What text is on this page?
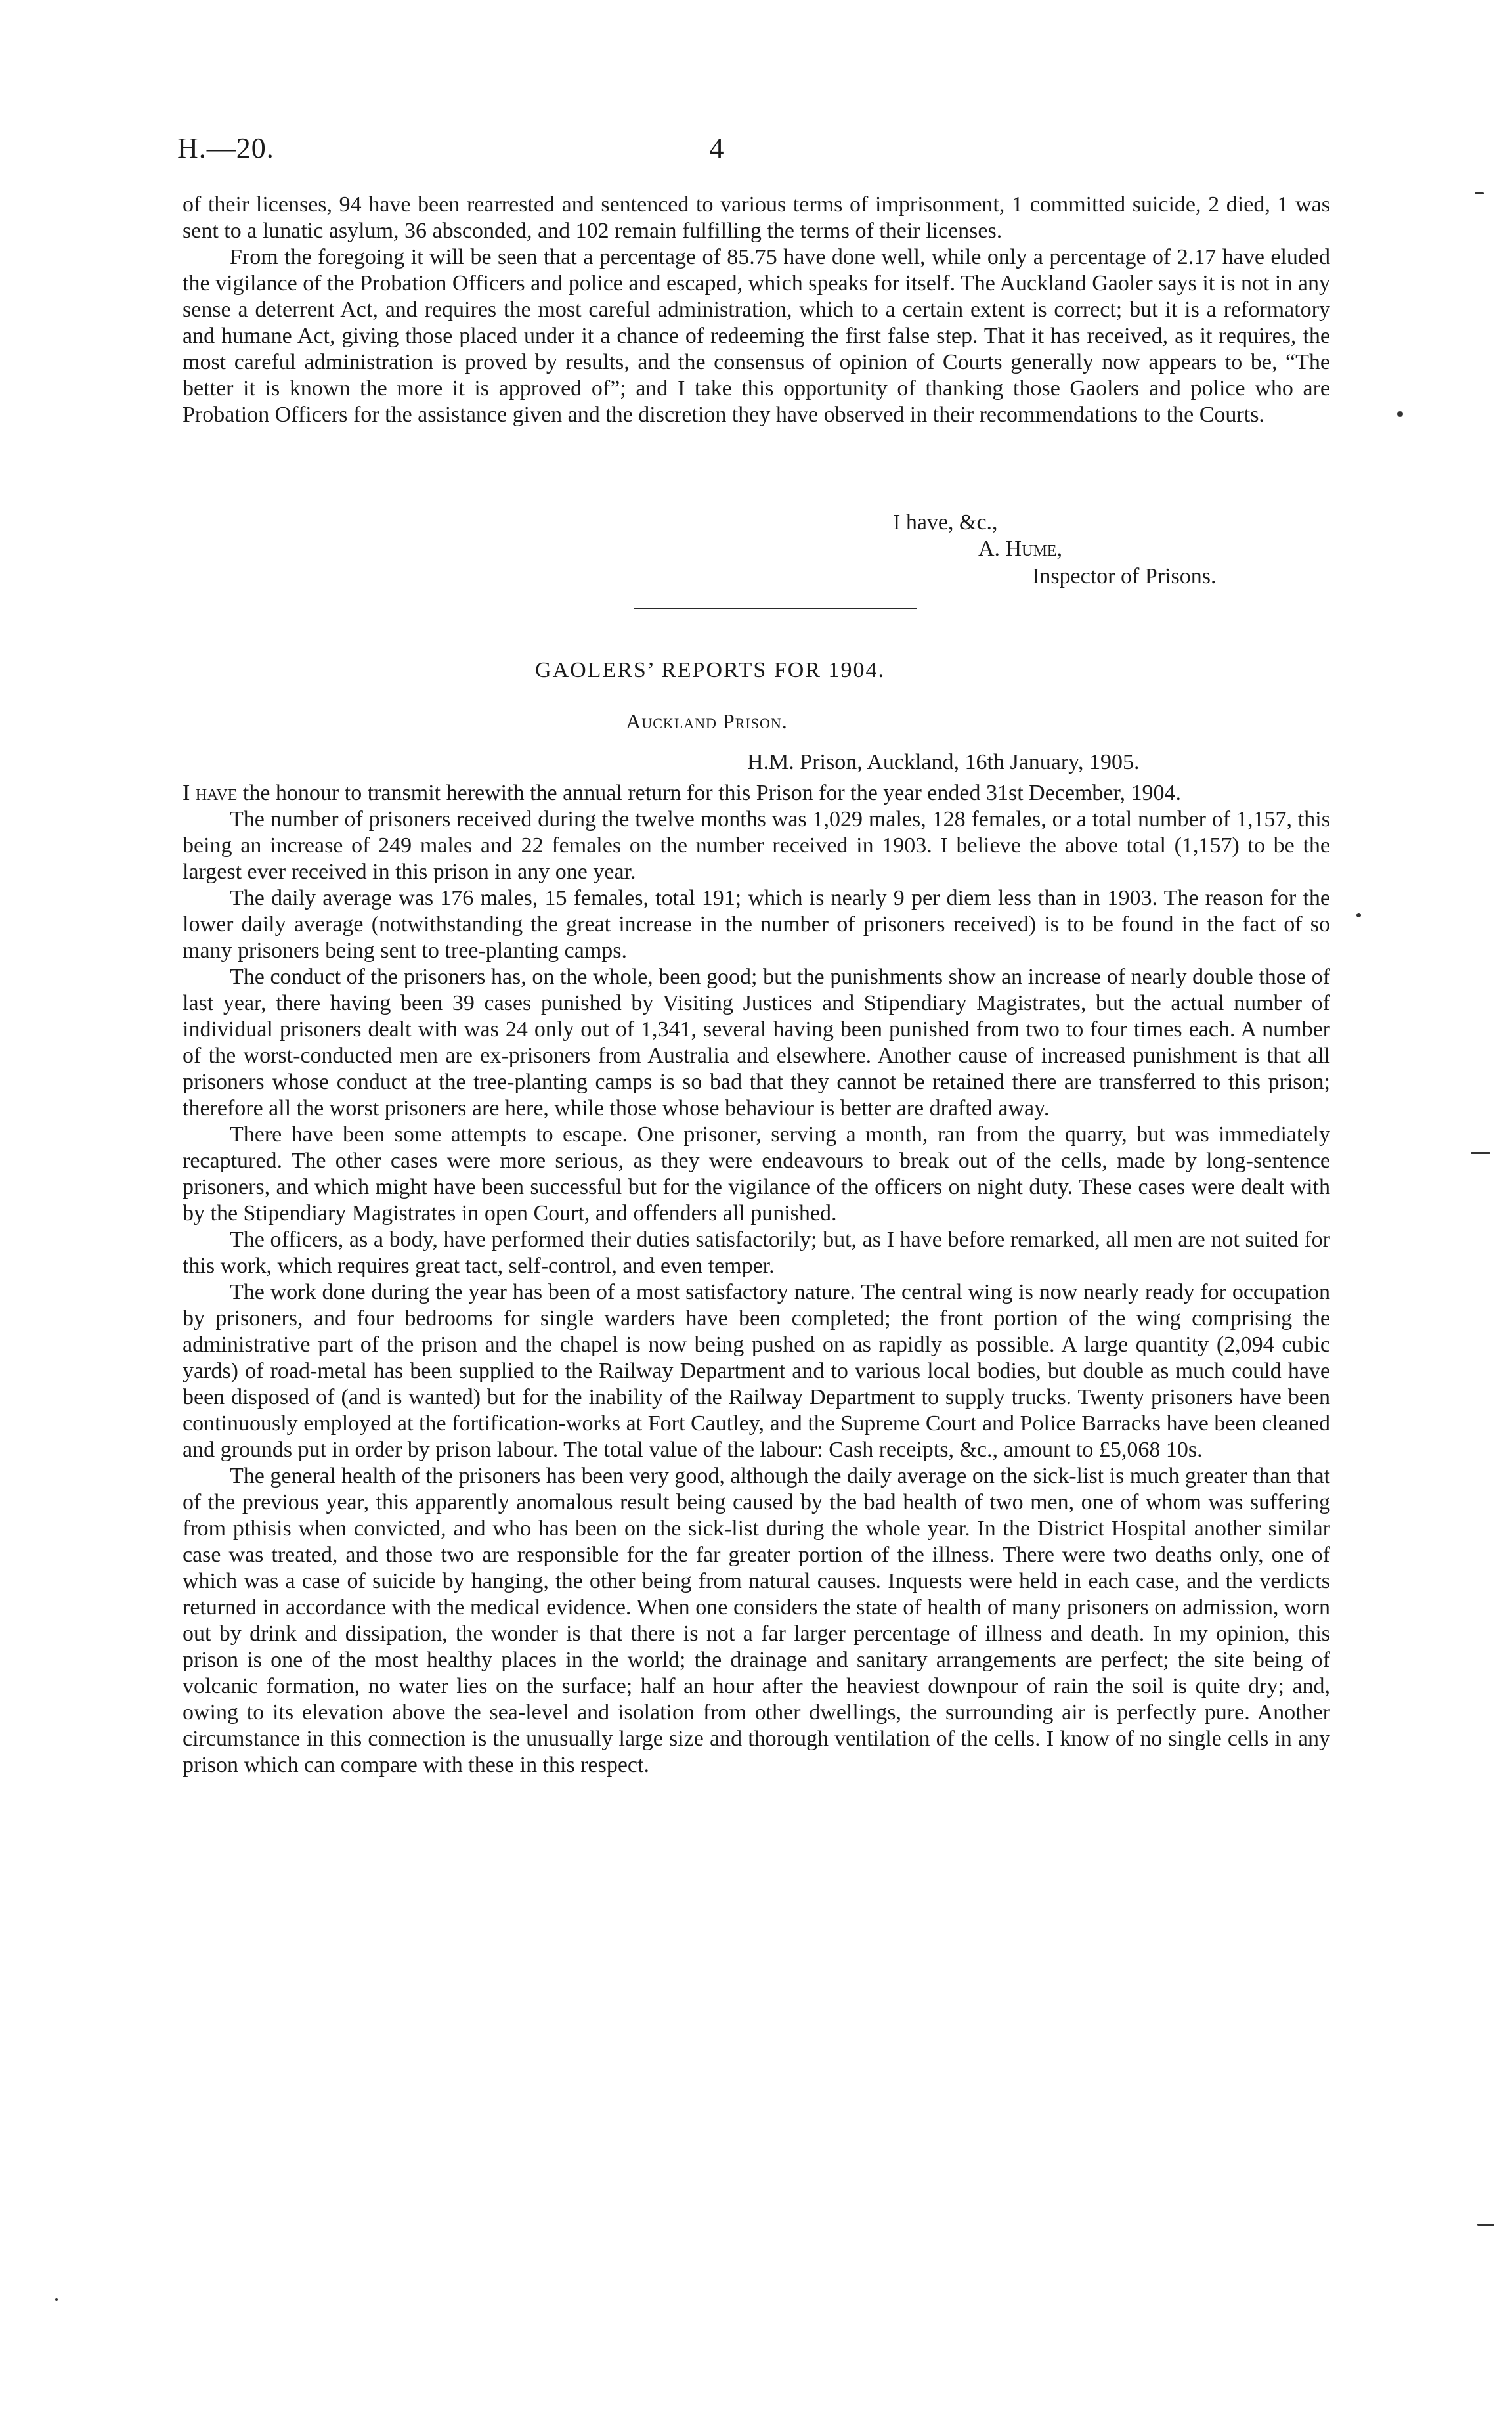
H.—20.	4

of their licenses, 94 have been rearrested and sentenced to various terms of imprisonment, 1 committed suicide, 2 died, 1 was sent to a lunatic asylum, 36 absconded, and 102 remain fulfilling the terms of their licenses.

From the foregoing it will be seen that a percentage of 85.75 have done well, while only a percentage of 2.17 have eluded the vigilance of the Probation Officers and police and escaped, which speaks for itself. The Auckland Gaoler says it is not in any sense a deterrent Act, and requires the most careful administration, which to a certain extent is correct; but it is a reformatory and humane Act, giving those placed under it a chance of redeeming the first false step. That it has received, as it requires, the most careful administration is proved by results, and the consensus of opinion of Courts generally now appears to be, “The better it is known the more it is approved of”; and I take this opportunity of thanking those Gaolers and police who are Probation Officers for the assistance given and the discretion they have observed in their recommendations to the Courts.

I have, &c.,
A. Hume,
Inspector of Prisons.
GAOLERS’ REPORTS FOR 1904.
Auckland Prison.
H.M. Prison, Auckland, 16th January, 1905.

I have the honour to transmit herewith the annual return for this Prison for the year ended 31st December, 1904.

The number of prisoners received during the twelve months was 1,029 males, 128 females, or a total number of 1,157, this being an increase of 249 males and 22 females on the number received in 1903. I believe the above total (1,157) to be the largest ever received in this prison in any one year.

The daily average was 176 males, 15 females, total 191; which is nearly 9 per diem less than in 1903. The reason for the lower daily average (notwithstanding the great increase in the number of prisoners received) is to be found in the fact of so many prisoners being sent to tree-planting camps.

The conduct of the prisoners has, on the whole, been good; but the punishments show an increase of nearly double those of last year, there having been 39 cases punished by Visiting Justices and Stipendiary Magistrates, but the actual number of individual prisoners dealt with was 24 only out of 1,341, several having been punished from two to four times each. A number of the worst-conducted men are ex-prisoners from Australia and elsewhere. Another cause of increased punishment is that all prisoners whose conduct at the tree-planting camps is so bad that they cannot be retained there are transferred to this prison; therefore all the worst prisoners are here, while those whose behaviour is better are drafted away.

There have been some attempts to escape. One prisoner, serving a month, ran from the quarry, but was immediately recaptured. The other cases were more serious, as they were endeavours to break out of the cells, made by long-sentence prisoners, and which might have been successful but for the vigilance of the officers on night duty. These cases were dealt with by the Stipendiary Magistrates in open Court, and offenders all punished.

The officers, as a body, have performed their duties satisfactorily; but, as I have before remarked, all men are not suited for this work, which requires great tact, self-control, and even temper.

The work done during the year has been of a most satisfactory nature. The central wing is now nearly ready for occupation by prisoners, and four bedrooms for single warders have been completed; the front portion of the wing comprising the administrative part of the prison and the chapel is now being pushed on as rapidly as possible. A large quantity (2,094 cubic yards) of road-metal has been supplied to the Railway Department and to various local bodies, but double as much could have been disposed of (and is wanted) but for the inability of the Railway Department to supply trucks. Twenty prisoners have been continuously employed at the fortification-works at Fort Cautley, and the Supreme Court and Police Barracks have been cleaned and grounds put in order by prison labour. The total value of the labour: Cash receipts, &c., amount to £5,068 10s.

The general health of the prisoners has been very good, although the daily average on the sick-list is much greater than that of the previous year, this apparently anomalous result being caused by the bad health of two men, one of whom was suffering from pthisis when convicted, and who has been on the sick-list during the whole year. In the District Hospital another similar case was treated, and those two are responsible for the far greater portion of the illness. There were two deaths only, one of which was a case of suicide by hanging, the other being from natural causes. Inquests were held in each case, and the verdicts returned in accordance with the medical evidence. When one considers the state of health of many prisoners on admission, worn out by drink and dissipation, the wonder is that there is not a far larger percentage of illness and death. In my opinion, this prison is one of the most healthy places in the world; the drainage and sanitary arrangements are perfect; the site being of volcanic formation, no water lies on the surface; half an hour after the heaviest downpour of rain the soil is quite dry; and, owing to its elevation above the sea-level and isolation from other dwellings, the surrounding air is perfectly pure. Another circumstance in this connection is the unusually large size and thorough ventilation of the cells. I know of no single cells in any prison which can compare with these in this respect.
